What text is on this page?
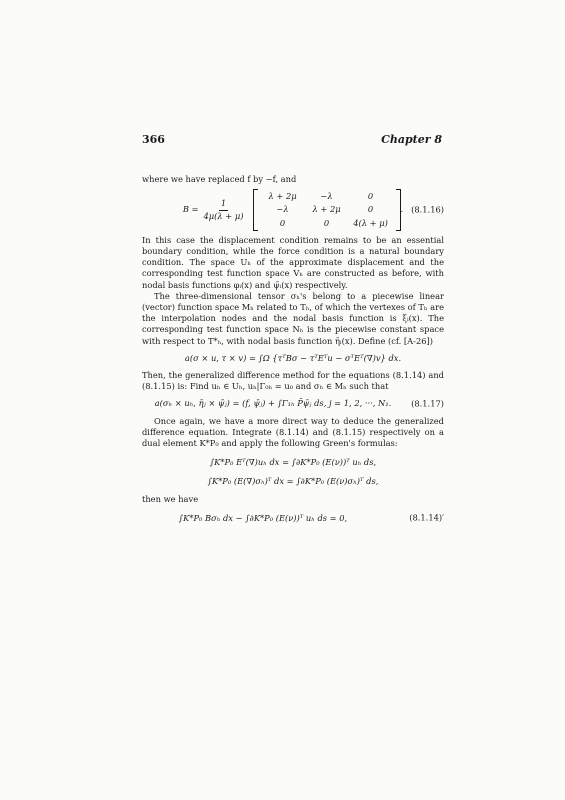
366	Chapter 8

where we have replaced f by −f, and

$B = \frac{1}{4\mu(\lambda + \mu)}$
λ + 2μ	−λ	0
−λ	λ + 2μ	0
0	0	4(λ + μ)
. (8.1.16)

In this case the displacement condition remains to be an essential boundary condition, while the force condition is a natural boundary condition. The space Uₕ of the approximate displacement and the corresponding test function space Vₕ are constructed as before, with nodal basis functions φᵢ(x) and ψ̄ᵢ(x) respectively.

The three-dimensional tensor σₕ's belong to a piecewise linear (vector) function space Mₕ related to Tₕ, of which the vertexes of Tₕ are the interpolation nodes and the nodal basis function is ξᵢ(x). The corresponding test function space Nₕ is the piecewise constant space with respect to T*ₕ, with nodal basis function η̄ᵢ(x). Define (cf. [A-26])

a(σ × u, τ × v) = ∫Ω {τᵀBσ − τᵀEᵀu − σᵀEᵀ(∇)v} dx.

Then, the generalized difference method for the equations (8.1.14) and (8.1.15) is: Find uₕ ∈ Uₕ, uₕ|Γ₀ₕ = u₀ and σₕ ∈ Mₕ such that

a(σₕ × uₕ, η̄ⱼ × ψ̄ⱼ) = (f, ψ̄ⱼ) + ∫Γ₁ₕ P̄ψ̄ⱼ ds, j = 1, 2, ···, N₁. (8.1.17)

Once again, we have a more direct way to deduce the generalized difference equation. Integrate (8.1.14) and (8.1.15) respectively on a dual element K*P₀ and apply the following Green's formulas:

∫K*P₀ Eᵀ(∇)uₕ dx = ∫∂K*P₀ (E(ν))ᵀ uₕ ds,
∫K*P₀ (E(∇)σₕ)ᵀ dx = ∫∂K*P₀ (E(ν)σₕ)ᵀ ds,

then we have

∫K*P₀ Bσₕ dx − ∫∂K*P₀ (E(ν))ᵀ uₕ ds = 0,	(8.1.14)′
